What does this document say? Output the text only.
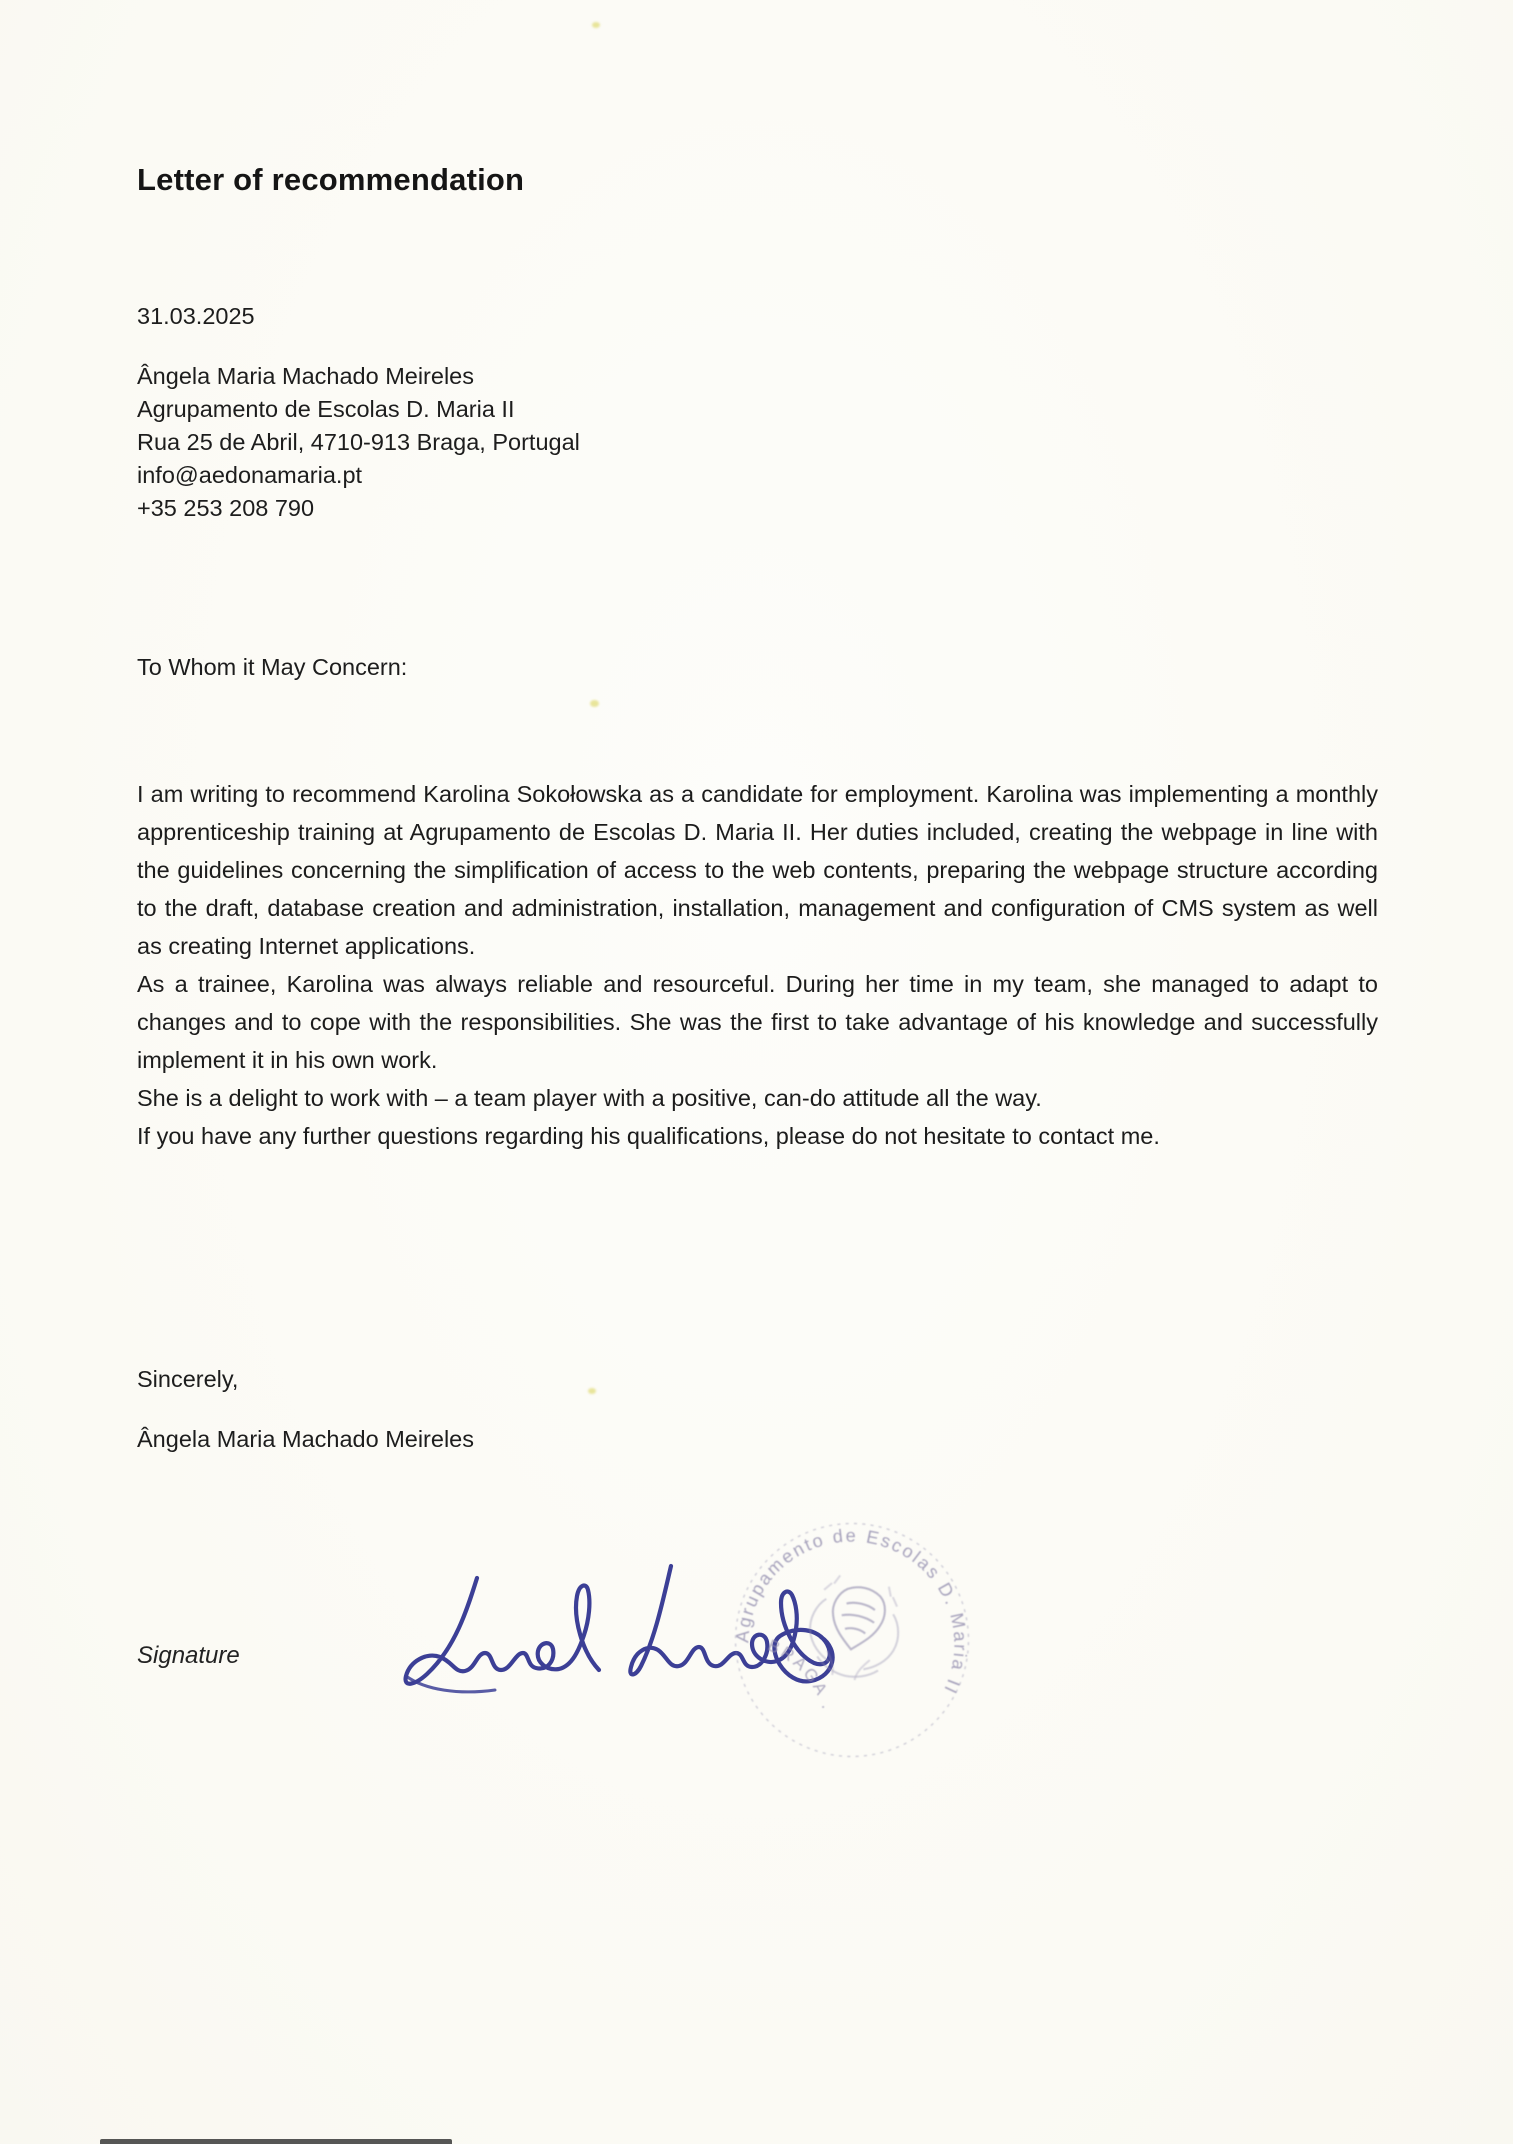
Letter of recommendation
31.03.2025
Ângela Maria Machado Meireles
Agrupamento de Escolas D. Maria II
Rua 25 de Abril, 4710-913 Braga, Portugal
info@aedonamaria.pt
+35 253 208 790
To Whom it May Concern:

I am writing to recommend Karolina Sokołowska as a candidate for employment. Karolina was implementing a monthly apprenticeship training at Agrupamento de Escolas D. Maria II. Her duties included, creating the webpage in line with the guidelines concerning the simplification of access to the web contents, preparing the webpage structure according to the draft, database creation and administration, installation, management and configuration of CMS system as well as creating Internet applications.

As a trainee, Karolina was always reliable and resourceful. During her time in my team, she managed to adapt to changes and to cope with the responsibilities. She was the first to take advantage of his knowledge and successfully implement it in his own work.

She is a delight to work with – a team player with a positive, can-do attitude all the way.

If you have any further questions regarding his qualifications, please do not hesitate to contact me.

Sincerely,
Ângela Maria Machado Meireles
Signature
Agrupamento de Escolas D. Maria II
BRAGA .
